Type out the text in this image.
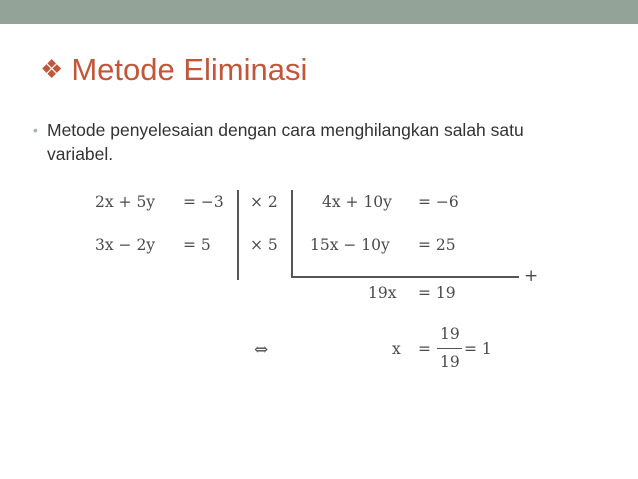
❖ Metode Eliminasi
• Metode penyelesaian dengan cara menghilangkan salah satu variabel.
2x + 5y = −3
3x − 2y = 5
× 2
× 5
4x + 10y = −6
15x − 10y = 25
+
19x = 19
⇔	x =
19
19
= 1
